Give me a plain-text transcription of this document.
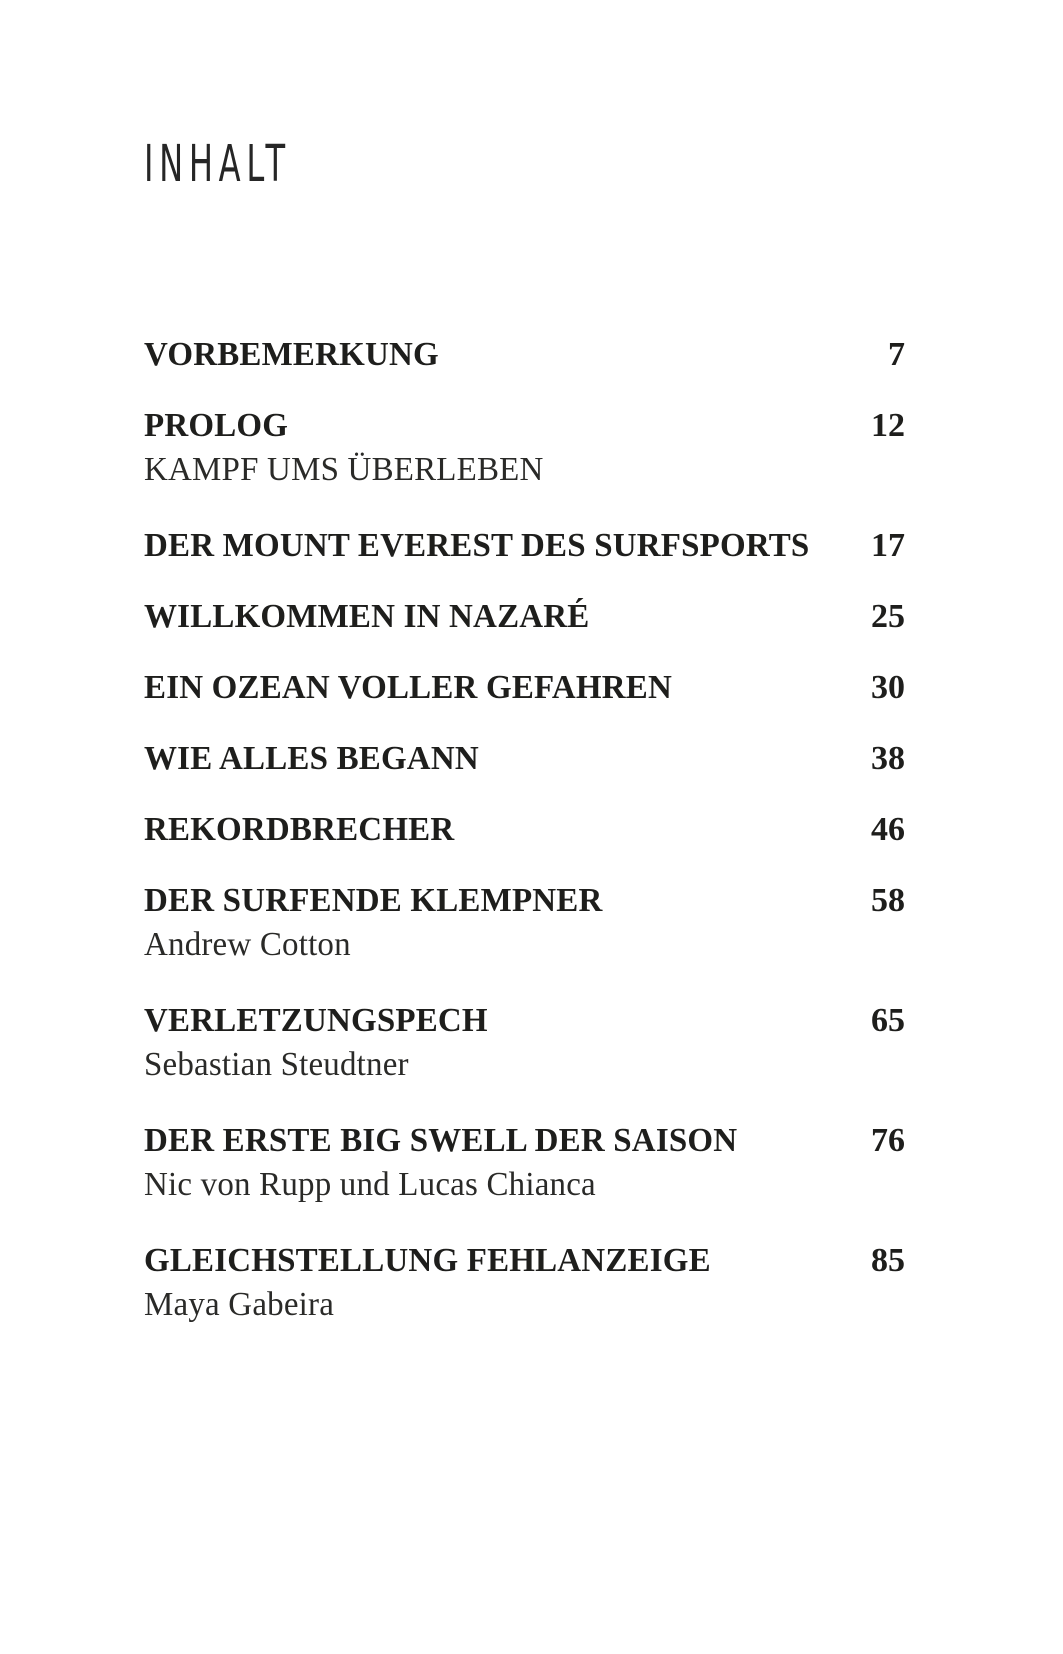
INHALT
VORBEMERKUNG	7
PROLOG	12
KAMPF UMS ÜBERLEBEN
DER MOUNT EVEREST DES SURFSPORTS 17
WILLKOMMEN IN NAZARÉ	25
EIN OZEAN VOLLER GEFAHREN	30
WIE ALLES BEGANN	38
REKORDBRECHER	46
DER SURFENDE KLEMPNER	58
Andrew Cotton
VERLETZUNGSPECH	65
Sebastian Steudtner
DER ERSTE BIG SWELL DER SAISON	76
Nic von Rupp und Lucas Chianca
GLEICHSTELLUNG FEHLANZEIGE	85
Maya Gabeira
